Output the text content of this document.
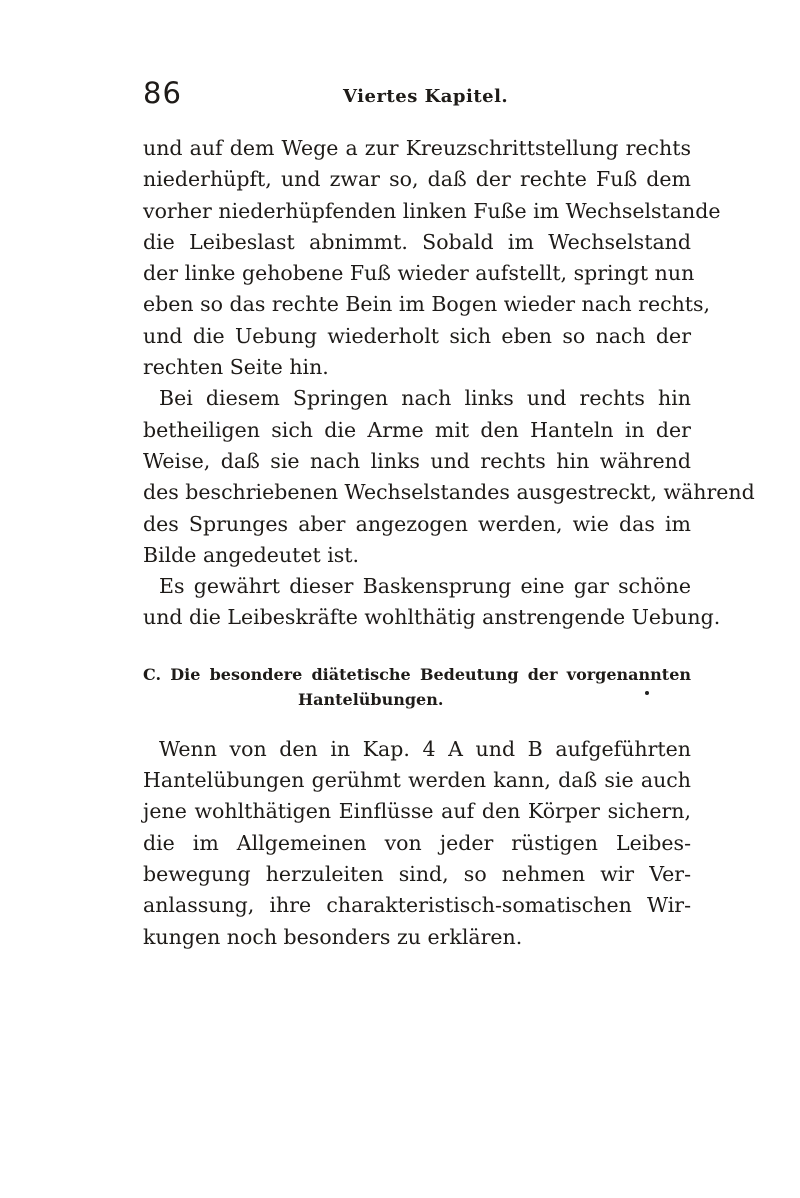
86	Viertes Kapitel.
und auf dem Wege a zur Kreuzschrittstellung rechts
niederhüpft, und zwar so, daß der rechte Fuß dem
vorher niederhüpfenden linken Fuße im Wechselstande
die Leibeslast abnimmt. Sobald im Wechselstand
der linke gehobene Fuß wieder aufstellt, springt nun
eben so das rechte Bein im Bogen wieder nach rechts,
und die Uebung wiederholt sich eben so nach der
rechten Seite hin.
Bei diesem Springen nach links und rechts hin
betheiligen sich die Arme mit den Hanteln in der
Weise, daß sie nach links und rechts hin während
des beschriebenen Wechselstandes ausgestreckt, während
des Sprunges aber angezogen werden, wie das im
Bilde angedeutet ist.
Es gewährt dieser Baskensprung eine gar schöne
und die Leibeskräfte wohlthätig anstrengende Uebung.
C. Die besondere diätetische Bedeutung der vorgenannten
Hantelübungen.
Wenn von den in Kap. 4 A und B aufgeführten
Hantelübungen gerühmt werden kann, daß sie auch
jene wohlthätigen Einflüsse auf den Körper sichern,
die im Allgemeinen von jeder rüstigen Leibes-
bewegung herzuleiten sind, so nehmen wir Ver-
anlassung, ihre charakteristisch-somatischen Wir-
kungen noch besonders zu erklären.
